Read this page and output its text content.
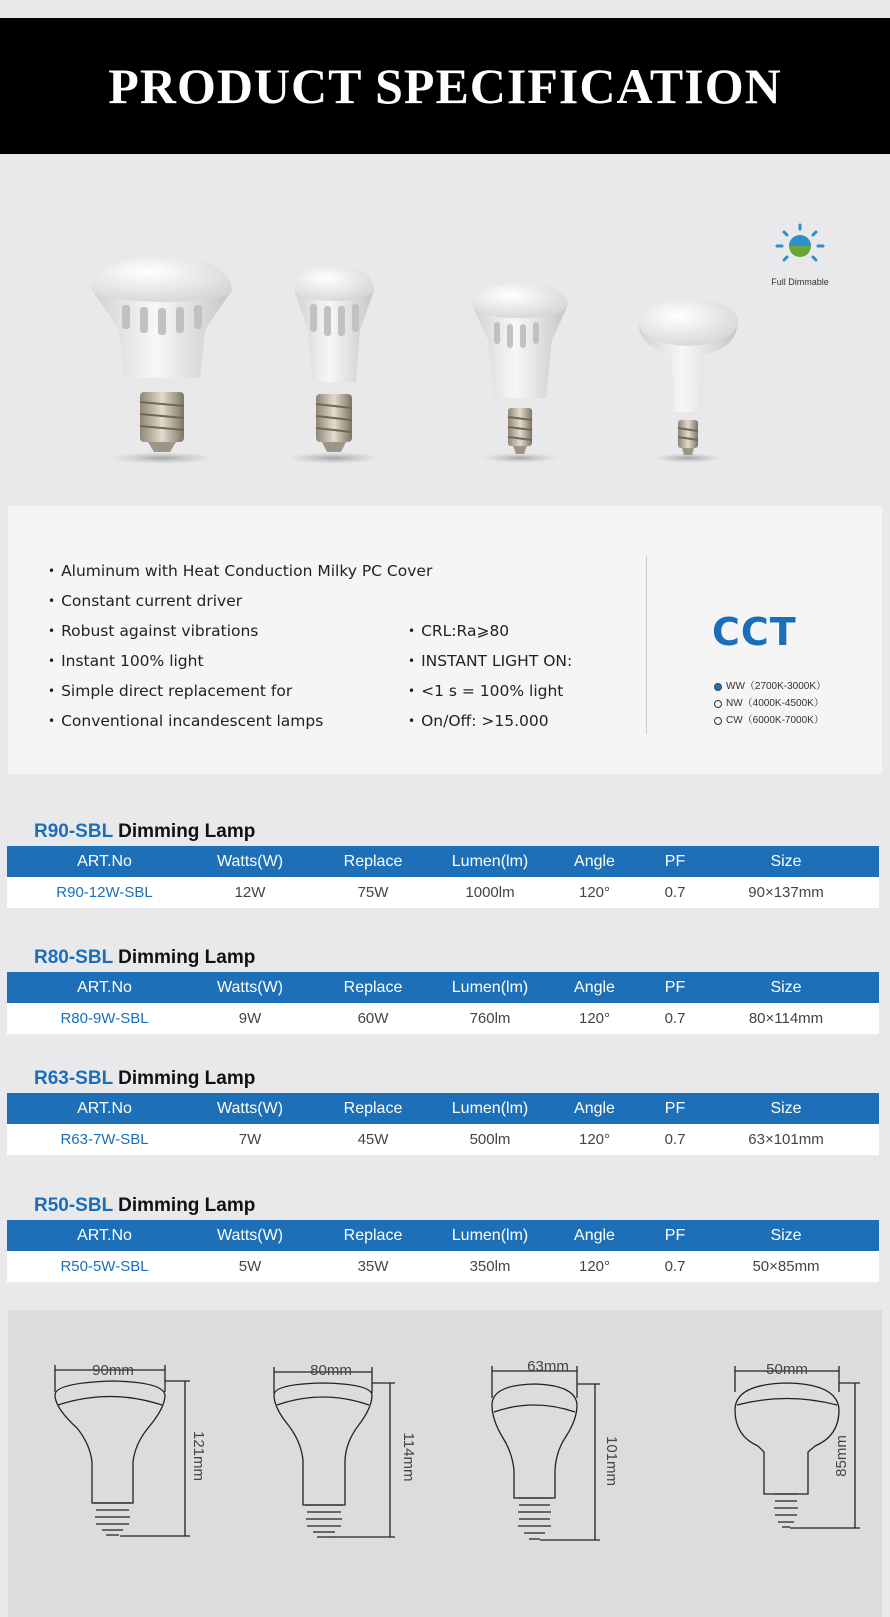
PRODUCT SPECIFICATION
Full Dimmable
• Aluminum with Heat Conduction Milky PC Cover
• Constant current driver
• Robust against vibrations
• Instant 100% light
• Simple direct replacement for
• Conventional incandescent lamps
• CRL:Ra⩾80
• INSTANT LIGHT ON:
• <1 s = 100% light
• On/Off: >15.000
CCT
WW（2700K-3000K）
NW（4000K-4500K）
CW（6000K-7000K）
R90-SBL Dimming Lamp
ART.No	Watts(W)	Replace	Lumen(lm)	Angle	PF	Size
R90-12W-SBL	12W	75W	1000lm	120°	0.7	90×137mm
R80-SBL Dimming Lamp
ART.No	Watts(W)	Replace	Lumen(lm)	Angle	PF	Size
R80-9W-SBL	9W	60W	760lm	120°	0.7	80×114mm
R63-SBL Dimming Lamp
ART.No	Watts(W)	Replace	Lumen(lm)	Angle	PF	Size
R63-7W-SBL	7W	45W	500lm	120°	0.7	63×101mm
R50-SBL Dimming Lamp
ART.No	Watts(W)	Replace	Lumen(lm)	Angle	PF	Size
R50-5W-SBL	5W	35W	350lm	120°	0.7	50×85mm
90mm
121mm
80mm
114mm
63mm
101mm
50mm
85mm
